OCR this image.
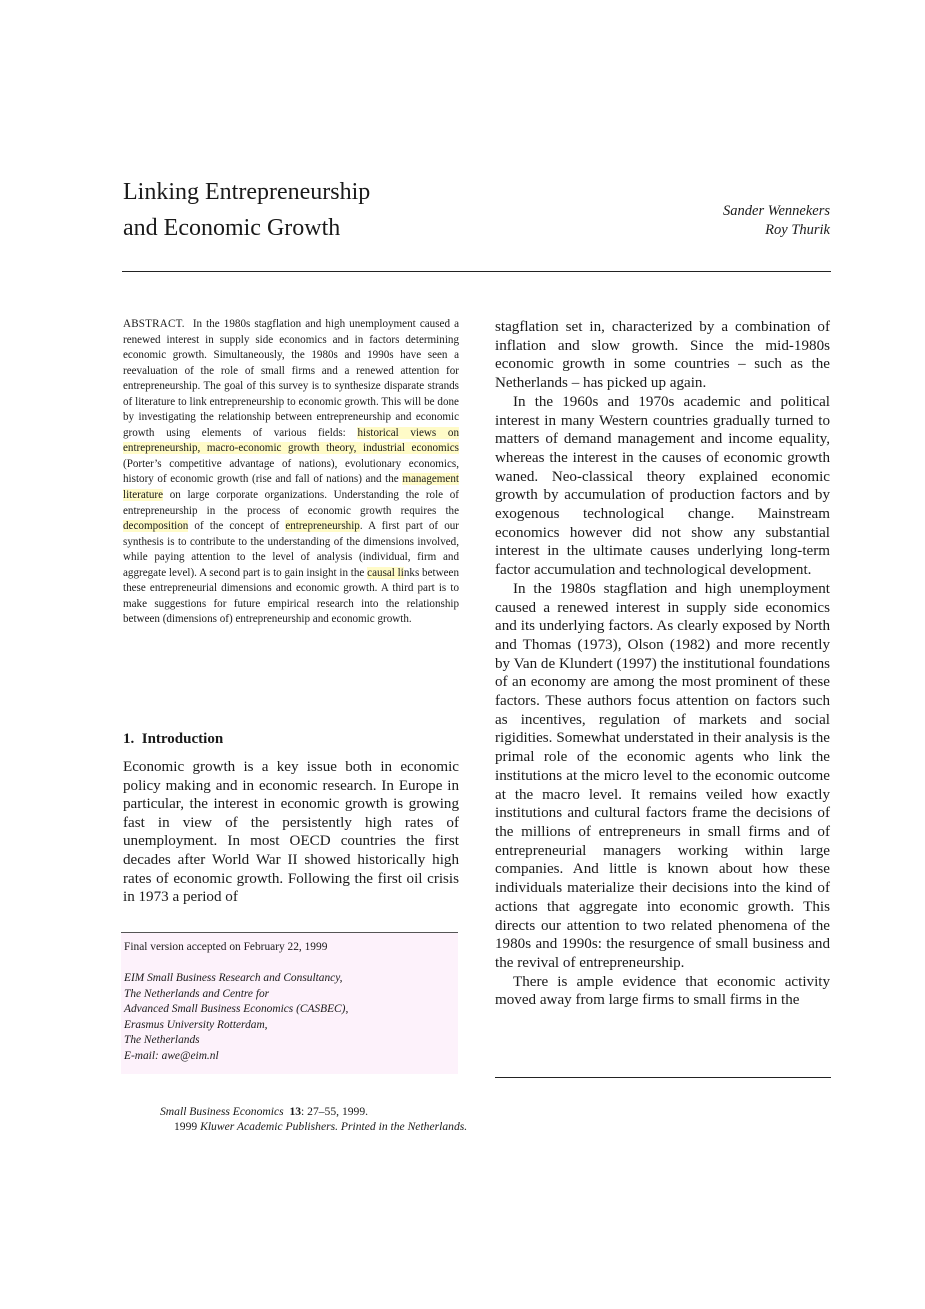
Linking Entrepreneurship
and Economic Growth
Sander Wennekers
Roy Thurik
ABSTRACT. In the 1980s stagflation and high unemployment caused a renewed interest in supply side economics and in factors determining economic growth. Simultaneously, the 1980s and 1990s have seen a reevaluation of the role of small firms and a renewed attention for entrepreneurship. The goal of this survey is to synthesize disparate strands of literature to link entrepreneurship to economic growth. This will be done by investigating the relationship between entrepreneurship and economic growth using elements of various fields: historical views on entrepreneurship, macro-economic growth theory, industrial economics (Porter’s competitive advantage of nations), evolutionary economics, history of economic growth (rise and fall of nations) and the management literature on large corporate organizations. Understanding the role of entrepreneurship in the process of economic growth requires the decomposition of the concept of entrepreneurship. A first part of our synthesis is to contribute to the understanding of the dimensions involved, while paying attention to the level of analysis (individual, firm and aggregate level). A second part is to gain insight in the causal links between these entrepreneurial dimensions and economic growth. A third part is to make suggestions for future empirical research into the relationship between (dimensions of) entrepreneurship and economic growth.
1. Introduction
Economic growth is a key issue both in economic policy making and in economic research. In Europe in particular, the interest in economic growth is growing fast in view of the persistently high rates of unemployment. In most OECD countries the first decades after World War II showed historically high rates of economic growth. Following the first oil crisis in 1973 a period of
Final version accepted on February 22, 1999
EIM Small Business Research and Consultancy,
The Netherlands and Centre for
Advanced Small Business Economics (CASBEC),
Erasmus University Rotterdam,
The Netherlands
E-mail: awe@eim.nl

stagflation set in, characterized by a combination of inflation and slow growth. Since the mid-1980s economic growth in some countries – such as the Netherlands – has picked up again.

In the 1960s and 1970s academic and political interest in many Western countries gradually turned to matters of demand management and income equality, whereas the interest in the causes of economic growth waned. Neo-classical theory explained economic growth by accumulation of production factors and by exogenous technological change. Mainstream economics however did not show any substantial interest in the ultimate causes underlying long-term factor accumulation and technological development.

In the 1980s stagflation and high unemployment caused a renewed interest in supply side economics and its underlying factors. As clearly exposed by North and Thomas (1973), Olson (1982) and more recently by Van de Klundert (1997) the institutional foundations of an economy are among the most prominent of these factors. These authors focus attention on factors such as incentives, regulation of markets and social rigidities. Somewhat understated in their analysis is the primal role of the economic agents who link the institutions at the micro level to the economic outcome at the macro level. It remains veiled how exactly institutions and cultural factors frame the decisions of the millions of entrepreneurs in small firms and of entrepreneurial managers working within large companies. And little is known about how these individuals materialize their decisions into the kind of actions that aggregate into economic growth. This directs our attention to two related phenomena of the 1980s and 1990s: the resurgence of small business and the revival of entrepreneurship.

There is ample evidence that economic activity moved away from large firms to small firms in the

Small Business Economics 13: 27–55, 1999.
1999 Kluwer Academic Publishers. Printed in the Netherlands.
